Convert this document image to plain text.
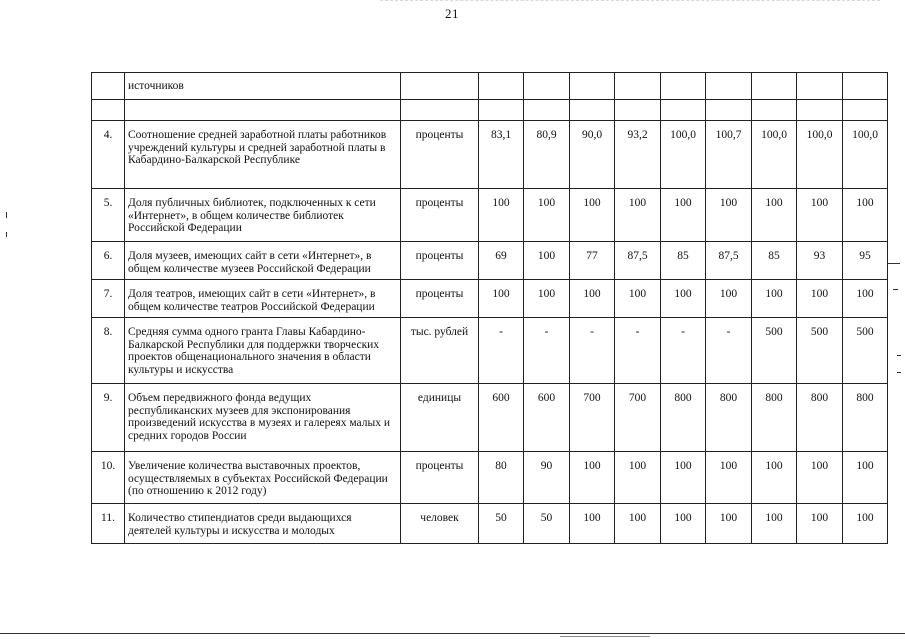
21
	источников										

4.	Соотношение средней заработной платы работников учреждений культуры и средней заработной платы в Кабардино-Балкарской Республике	проценты	83,1	80,9	90,0	93,2	100,0	100,7	100,0	100,0	100,0
5.	Доля публичных библиотек, подключенных к сети «Интернет», в общем количестве библиотек Российской Федерации	проценты	100	100	100	100	100	100	100	100	100
6.	Доля музеев, имеющих сайт в сети «Интернет», в общем количестве музеев Российской Федерации	проценты	69	100	77	87,5	85	87,5	85	93	95
7.	Доля театров, имеющих сайт в сети «Интернет», в общем количестве театров Российской Федерации	проценты	100	100	100	100	100	100	100	100	100
8.	Средняя сумма одного гранта Главы Кабардино-Балкарской Республики для поддержки творческих проектов общенационального значения в области культуры и искусства	тыс. рублей	-	-	-	-	-	-	500	500	500
9.	Объем передвижного фонда ведущих республиканских музеев для экспонирования произведений искусства в музеях и галереях малых и средних городов России	единицы	600	600	700	700	800	800	800	800	800
10.	Увеличение количества выставочных проектов, осуществляемых в субъектах Российской Федерации (по отношению к 2012 году)	проценты	80	90	100	100	100	100	100	100	100
11.	Количество стипендиатов среди выдающихся деятелей культуры и искусства и молодых	человек	50	50	100	100	100	100	100	100	100
